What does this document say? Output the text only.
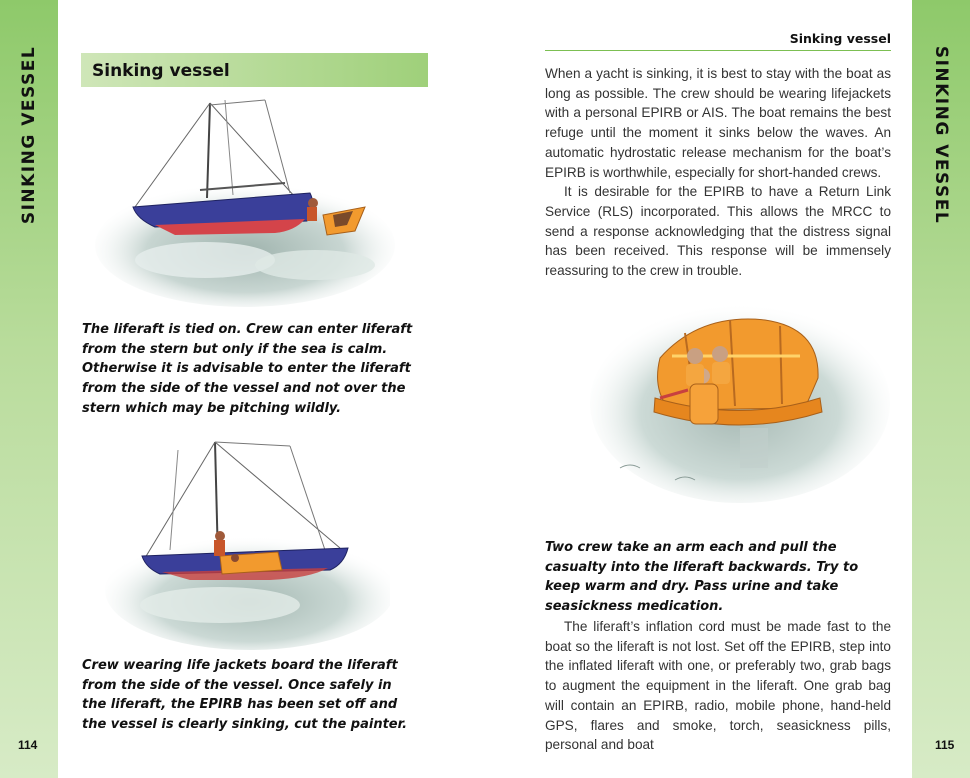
SINKING VESSEL
114
SINKING VESSEL
115
Sinking vessel
The liferaft is tied on. Crew can enter liferaft from the stern but only if the sea is calm. Otherwise it is advisable to enter the liferaft from the side of the vessel and not over the stern which may be pitching wildly.
Crew wearing life jackets board the liferaft from the side of the vessel. Once safely in the liferaft, the EPIRB has been set off and the vessel is clearly sinking, cut the painter.
Sinking vessel

When a yacht is sinking, it is best to stay with the boat as long as possible. The crew should be wearing lifejackets with a personal EPIRB or AIS. The boat remains the best refuge until the moment it sinks below the waves. An automatic hydrostatic release mechanism for the boat’s EPIRB is worthwhile, especially for short-handed crews.

It is desirable for the EPIRB to have a Return Link Service (RLS) incorporated. This allows the MRCC to send a response acknowledging that the distress signal has been received. This response will be immensely reassuring to the crew in trouble.

Two crew take an arm each and pull the casualty into the liferaft backwards. Try to keep warm and dry. Pass urine and take seasickness medication.

The liferaft’s inflation cord must be made fast to the boat so the liferaft is not lost. Set off the EPIRB, step into the inflated liferaft with one, or preferably two, grab bags to augment the equipment in the liferaft. One grab bag will contain an EPIRB, radio, mobile phone, hand-held GPS, flares and smoke, torch, seasickness pills, personal and boat
